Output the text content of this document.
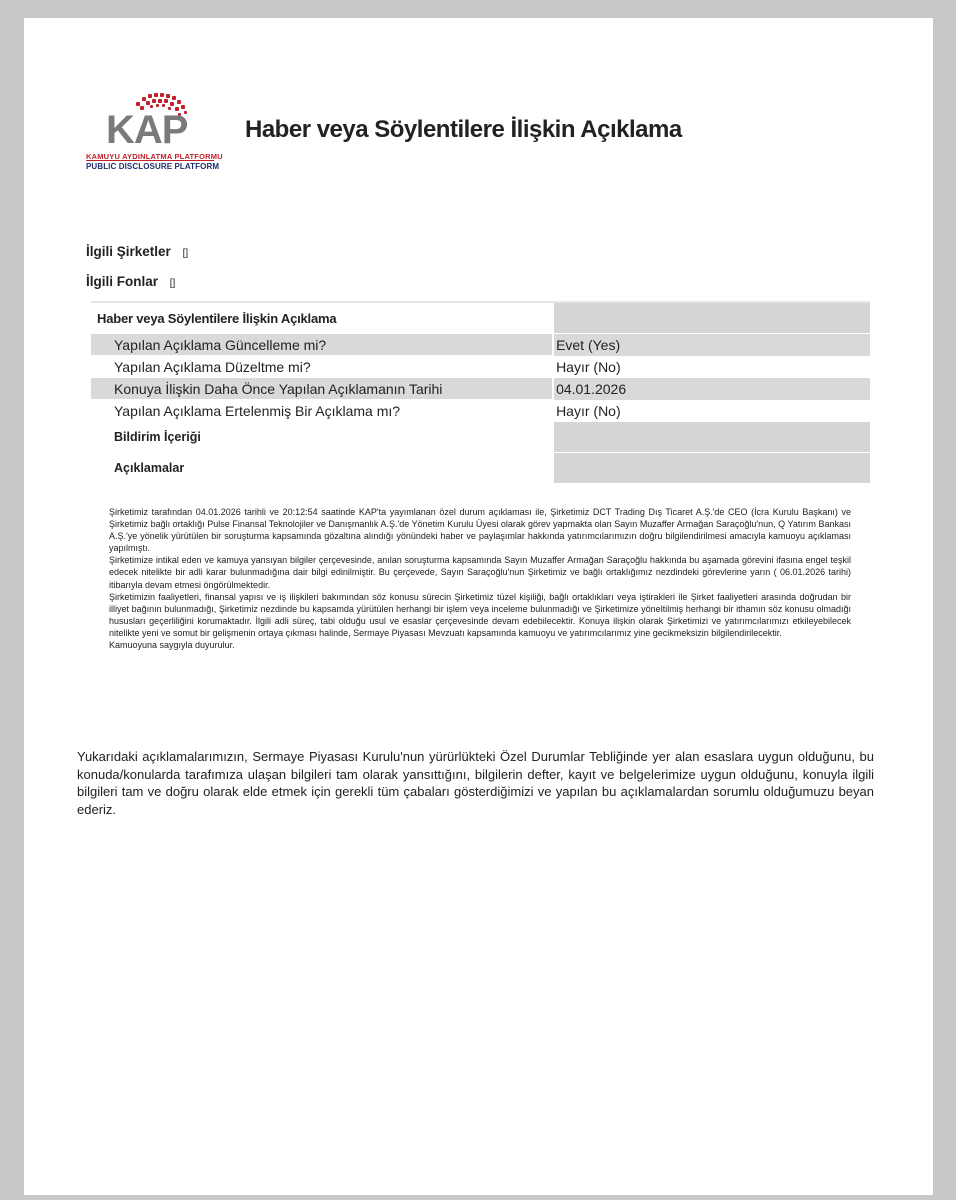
KAP
KAMUYU AYDINLATMA PLATFORMU
PUBLIC DISCLOSURE PLATFORM
Haber veya Söylentilere İlişkin Açıklama
İlgili Şirketler []
İlgili Fonlar []
Haber veya Söylentilere İlişkin Açıklama	
Yapılan Açıklama Güncelleme mi?	Evet (Yes)
Yapılan Açıklama Düzeltme mi?	Hayır (No)
Konuya İlişkin Daha Önce Yapılan Açıklamanın Tarihi	04.01.2026
Yapılan Açıklama Ertelenmiş Bir Açıklama mı?	Hayır (No)
Bildirim İçeriği	
Açıklamalar	

Şirketimiz tarafından 04.01.2026 tarihli ve 20:12:54 saatinde KAP'ta yayımlanan özel durum açıklaması ile, Şirketimiz DCT Trading Dış Ticaret A.Ş.'de CEO (İcra Kurulu Başkanı) ve Şirketimiz bağlı ortaklığı Pulse Finansal Teknolojiler ve Danışmanlık A.Ş.'de Yönetim Kurulu Üyesi olarak görev yapmakta olan Sayın Muzaffer Armağan Saraçoğlu'nun, Q Yatırım Bankası A.Ş.'ye yönelik yürütülen bir soruşturma kapsamında gözaltına alındığı yönündeki haber ve paylaşımlar hakkında yatırımcılarımızın doğru bilgilendirilmesi amacıyla kamuoyu açıklaması yapılmıştı.

Şirketimize intikal eden ve kamuya yansıyan bilgiler çerçevesinde, anılan soruşturma kapsamında Sayın Muzaffer Armağan Saraçoğlu hakkında bu aşamada görevini ifasına engel teşkil edecek nitelikte bir adli karar bulunmadığına dair bilgi edinilmiştir. Bu çerçevede, Sayın Saraçoğlu'nun Şirketimiz ve bağlı ortaklığımız nezdindeki görevlerine yarın ( 06.01.2026 tarihi) itibarıyla devam etmesi öngörülmektedir.

Şirketimizin faaliyetleri, finansal yapısı ve iş ilişkileri bakımından söz konusu sürecin Şirketimiz tüzel kişiliği, bağlı ortaklıkları veya iştirakleri ile Şirket faaliyetleri arasında doğrudan bir illiyet bağının bulunmadığı, Şirketimiz nezdinde bu kapsamda yürütülen herhangi bir işlem veya inceleme bulunmadığı ve Şirketimize yöneltilmiş herhangi bir ithamın söz konusu olmadığı hususları geçerliliğini korumaktadır. İlgili adli süreç, tabi olduğu usul ve esaslar çerçevesinde devam edebilecektir. Konuya ilişkin olarak Şirketimizi ve yatırımcılarımızı etkileyebilecek nitelikte yeni ve somut bir gelişmenin ortaya çıkması halinde, Sermaye Piyasası Mevzuatı kapsamında kamuoyu ve yatırımcılarımız yine gecikmeksizin bilgilendirilecektir.

Kamuoyuna saygıyla duyurulur.

Yukarıdaki açıklamalarımızın, Sermaye Piyasası Kurulu'nun yürürlükteki Özel Durumlar Tebliğinde yer alan esaslara uygun olduğunu, bu konuda/konularda tarafımıza ulaşan bilgileri tam olarak yansıttığını, bilgilerin defter, kayıt ve belgelerimize uygun olduğunu, konuyla ilgili bilgileri tam ve doğru olarak elde etmek için gerekli tüm çabaları gösterdiğimizi ve yapılan bu açıklamalardan sorumlu olduğumuzu beyan ederiz.
